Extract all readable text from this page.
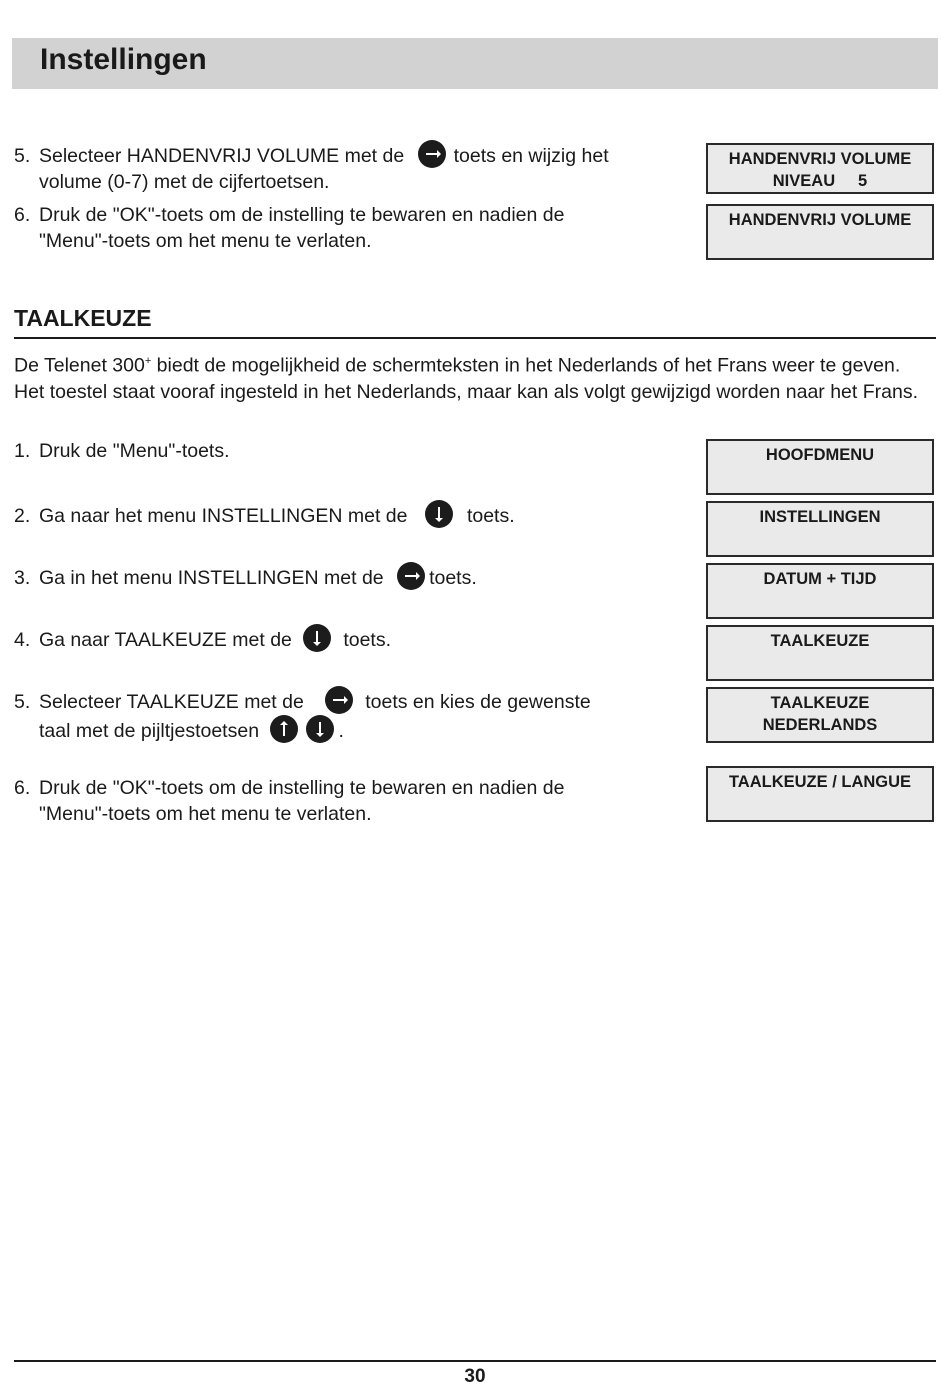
Instellingen
5. Selecteer HANDENVRIJ VOLUME met de	toets en wijzig het
volume (0-7) met de cijfertoetsen.
6. Druk de "OK"-toets om de instelling te bewaren en nadien de
"Menu"-toets om het menu te verlaten.
HANDENVRIJ VOLUME
NIVEAU     5
HANDENVRIJ VOLUME
TAALKEUZE
De Telenet 300+ biedt de mogelijkheid de schermteksten in het Nederlands of het Frans weer te geven. Het toestel staat vooraf ingesteld in het Nederlands, maar kan als volgt gewijzigd worden naar het Frans.
1. Druk de "Menu"-toets.
2. Ga naar het menu INSTELLINGEN met de	toets.
3. Ga in het menu INSTELLINGEN met de toets.
4. Ga naar TAALKEUZE met de	toets.
5. Selecteer TAALKEUZE met de	toets en kies de gewenste
taal met de pijltjestoetsen	.
6. Druk de "OK"-toets om de instelling te bewaren en nadien de
"Menu"-toets om het menu te verlaten.
HOOFDMENU
INSTELLINGEN
DATUM + TIJD
TAALKEUZE
TAALKEUZE
NEDERLANDS
TAALKEUZE / LANGUE
30
